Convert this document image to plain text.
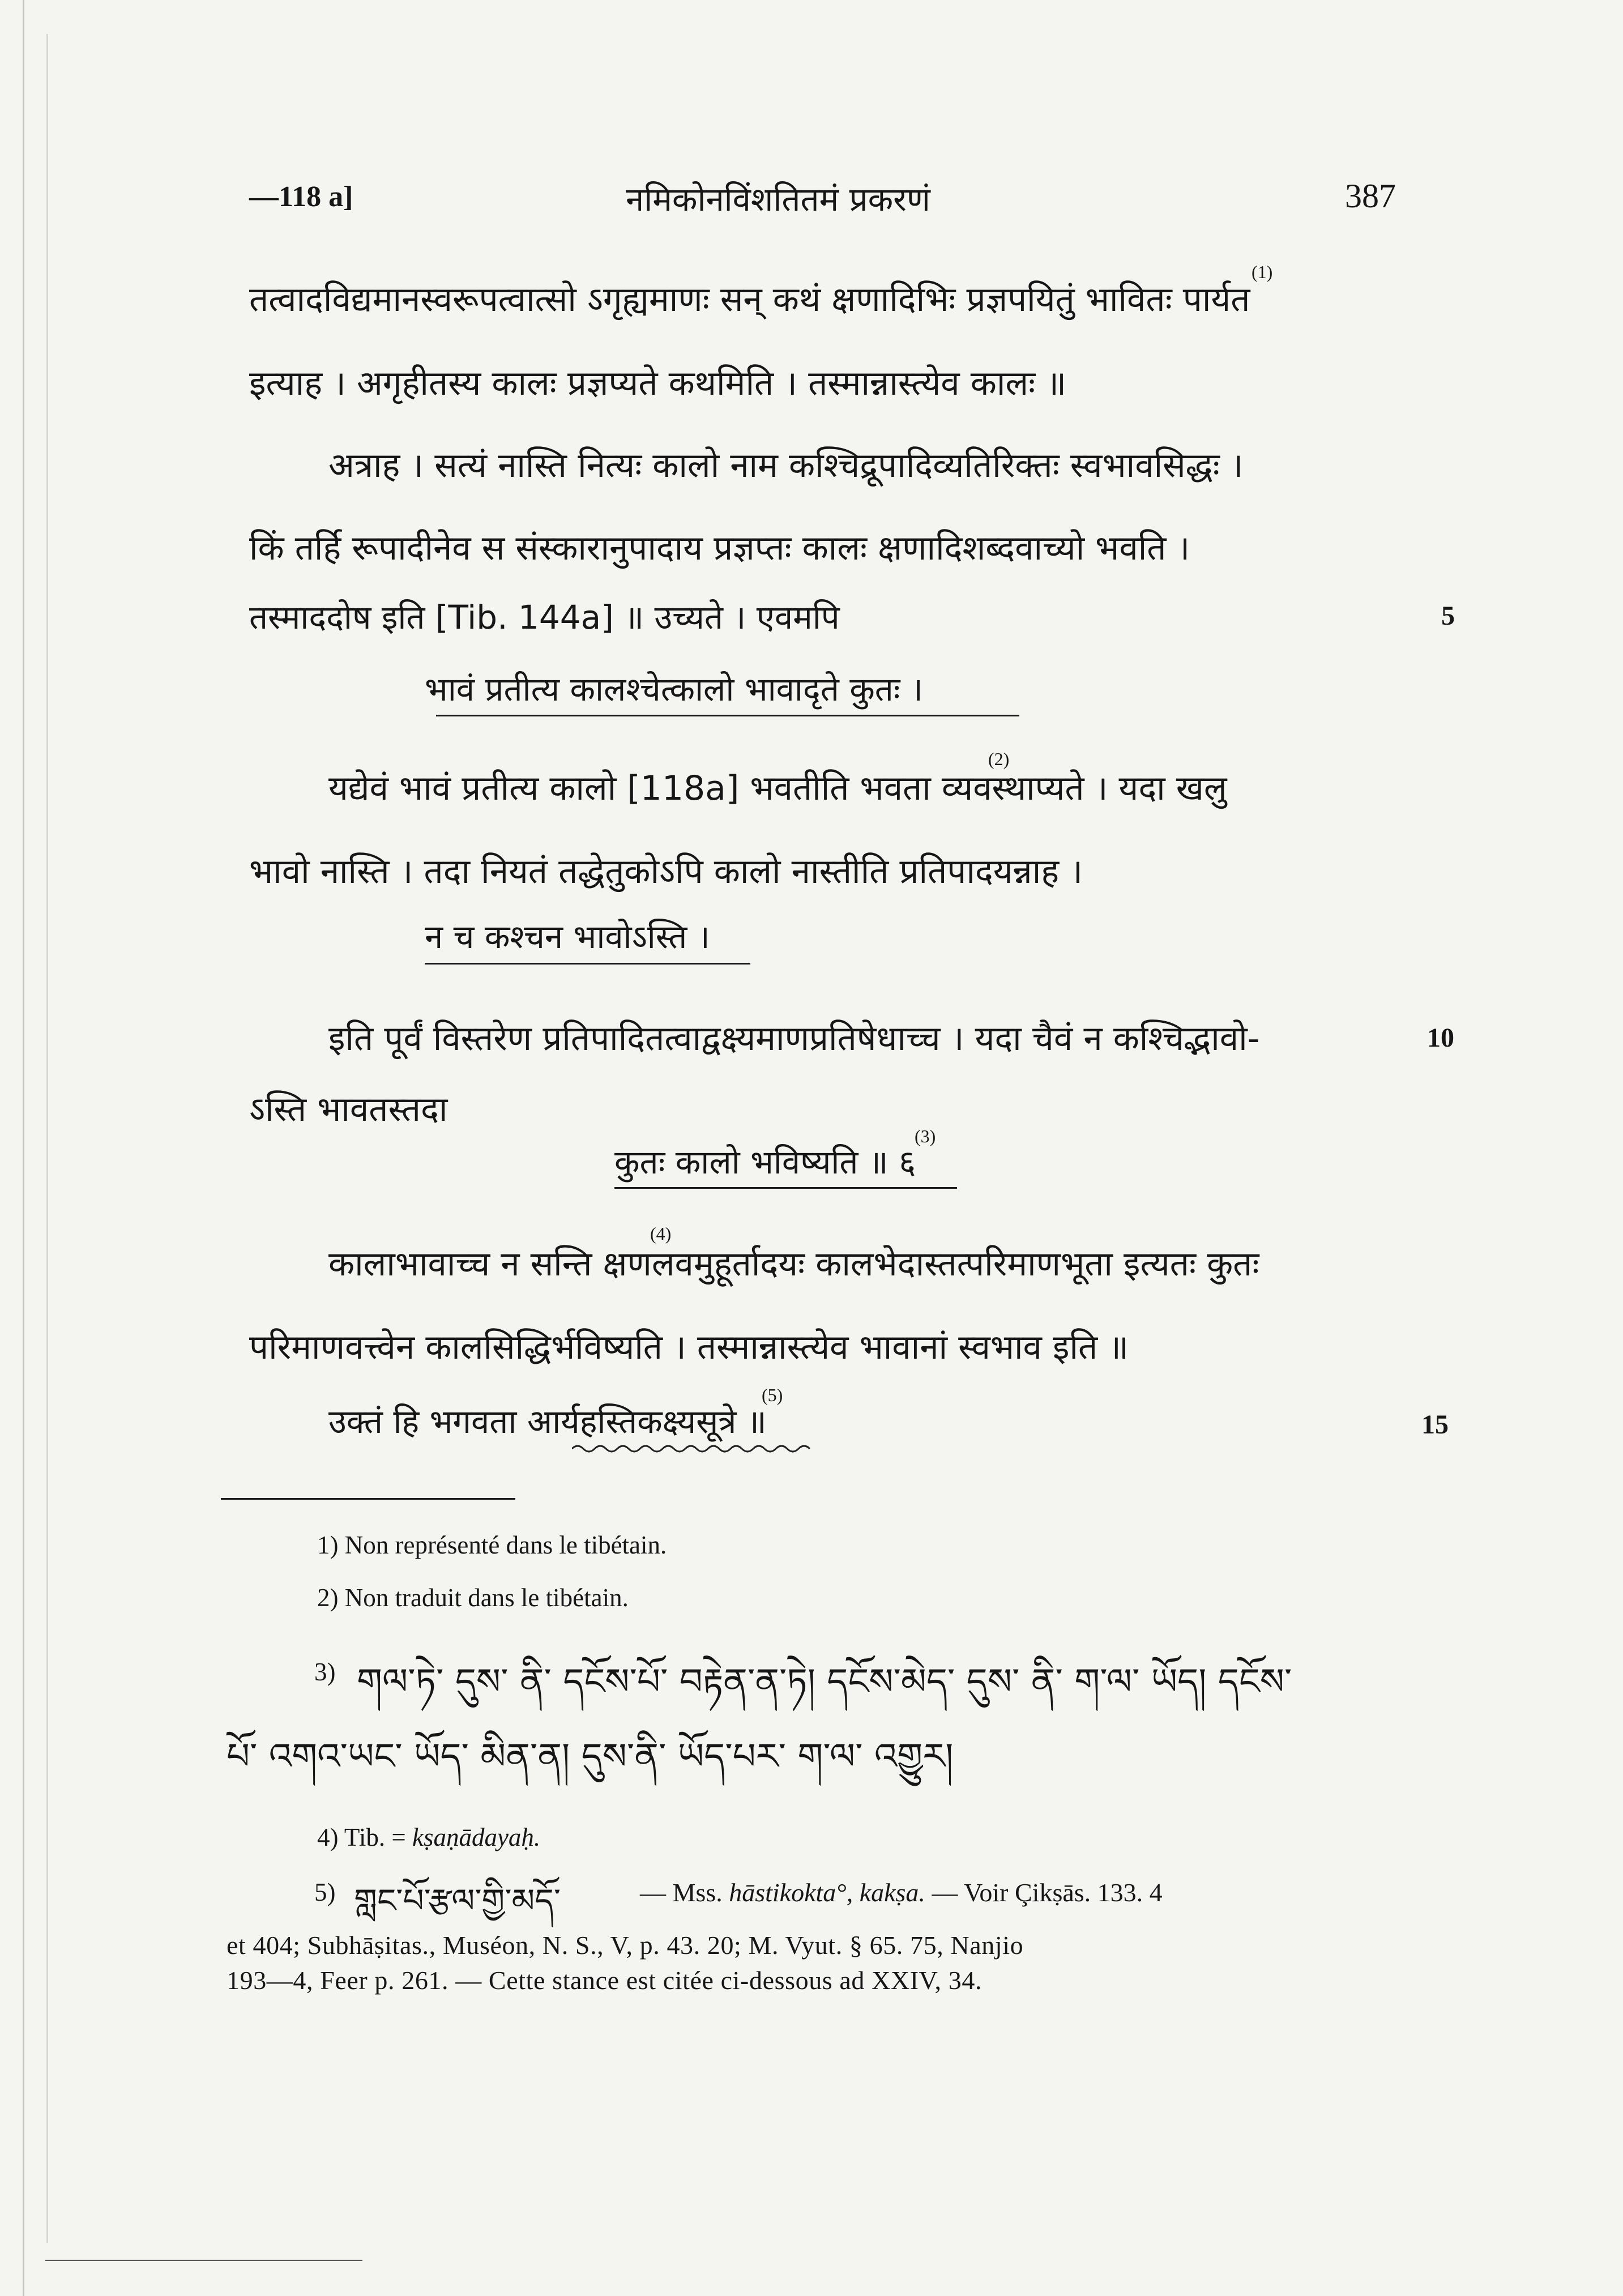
—118 a]	नमिकोनविंशतितमं प्रकरणं	387
तत्वादविद्यमानस्वरूपत्वात्सो ऽगृह्यमाणः सन् कथं क्षणादिभिः प्रज्ञपयितुं भावितः पार्यत
(1)
इत्याह । अगृहीतस्य कालः प्रज्ञप्यते कथमिति । तस्मान्नास्त्येव कालः ॥
अत्राह । सत्यं नास्ति नित्यः कालो नाम कश्चिद्रूपादिव्यतिरिक्तः स्वभावसिद्धः ।
किं तर्हि रूपादीनेव स संस्कारानुपादाय प्रज्ञप्तः कालः क्षणादिशब्दवाच्यो भवति ।
तस्माददोष इति [Tib. 144a] ॥ उच्यते । एवमपि	5
भावं प्रतीत्य कालश्चेत्कालो भावादृते कुतः ।
यद्येवं भावं प्रतीत्य कालो [118a] भवतीति भवता व्यवस्थाप्यते । यदा खलु
(2)
भावो नास्ति । तदा नियतं तद्धेतुकोऽपि कालो नास्तीति प्रतिपादयन्नाह ।
न च कश्चन भावोऽस्ति ।
इति पूर्वं विस्तरेण प्रतिपादितत्वाद्वक्ष्यमाणप्रतिषेधाच्च । यदा चैवं न कश्चिद्भावो-	10
ऽस्ति भावतस्तदा
कुतः कालो भविष्यति ॥ ६
(3)
कालाभावाच्च न सन्ति क्षणलवमुहूर्तादयः कालभेदास्तत्परिमाणभूता इत्यतः कुतः
(4)
परिमाणवत्त्वेन कालसिद्धिर्भविष्यति । तस्मान्नास्त्येव भावानां स्वभाव इति ॥
उक्तं हि भगवता आर्यहस्तिकक्ष्यसूत्रे ॥
(5)
15
1) Non représenté dans le tibétain.
2) Non traduit dans le tibétain.
3) གལ་ཏེ་ དུས་ ནི་ དངོས་པོ་ བརྟེན་ན་ཏེ། དངོས་མེད་ དུས་ ནི་ ག་ལ་ ཡོད། དངོས་
པོ་ འགའ་ཡང་ ཡོད་ མིན་ན། དུས་ནི་ ཡོད་པར་ ག་ལ་ འགྱུར།
4) Tib. = kṣaṇādayaḥ.
5) གླང་པོ་རྩལ་གྱི་མདོ་	— Mss. hāstikokta°, kakṣa. — Voir Çikṣās. 133. 4
et 404; Subhāṣitas., Muséon, N. S., V, p. 43. 20; M. Vyut. § 65. 75, Nanjio
193—4, Feer p. 261. — Cette stance est citée ci-dessous ad XXIV, 34.
